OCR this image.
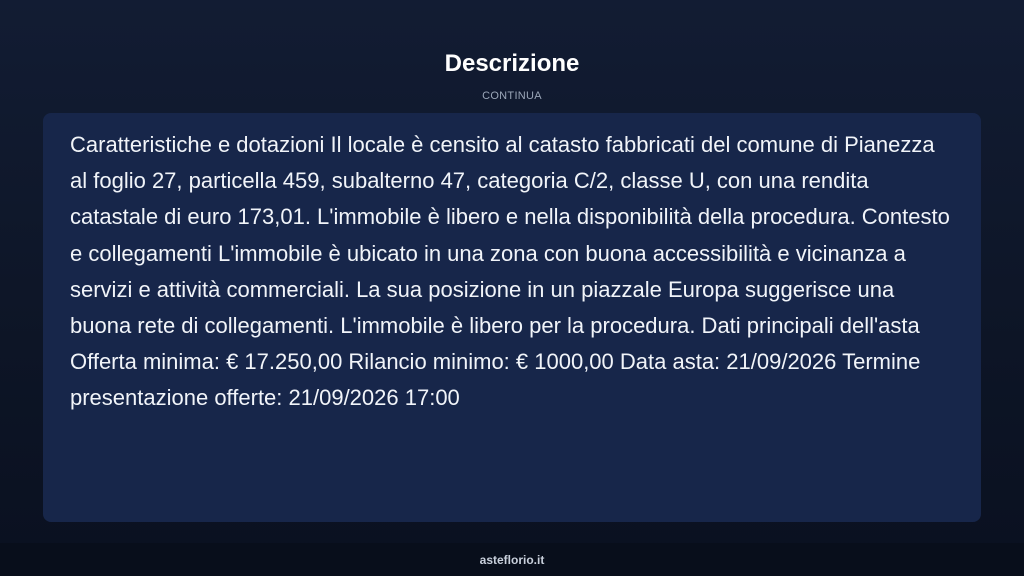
Descrizione
CONTINUA

Caratteristiche e dotazioni Il locale è censito al catasto fabbricati del comune di Pianezza al foglio 27, particella 459, subalterno 47, categoria C/2, classe U, con una rendita catastale di euro 173,01. L'immobile è libero e nella disponibilità della procedura. Contesto e collegamenti L'immobile è ubicato in una zona con buona accessibilità e vicinanza a servizi e attività commerciali. La sua posizione in un piazzale Europa suggerisce una buona rete di collegamenti. L'immobile è libero per la procedura. Dati principali dell'asta Offerta minima: € 17.250,00 Rilancio minimo: € 1000,00 Data asta: 21/09/2026 Termine presentazione offerte: 21/09/2026 17:00

asteflorio.it
